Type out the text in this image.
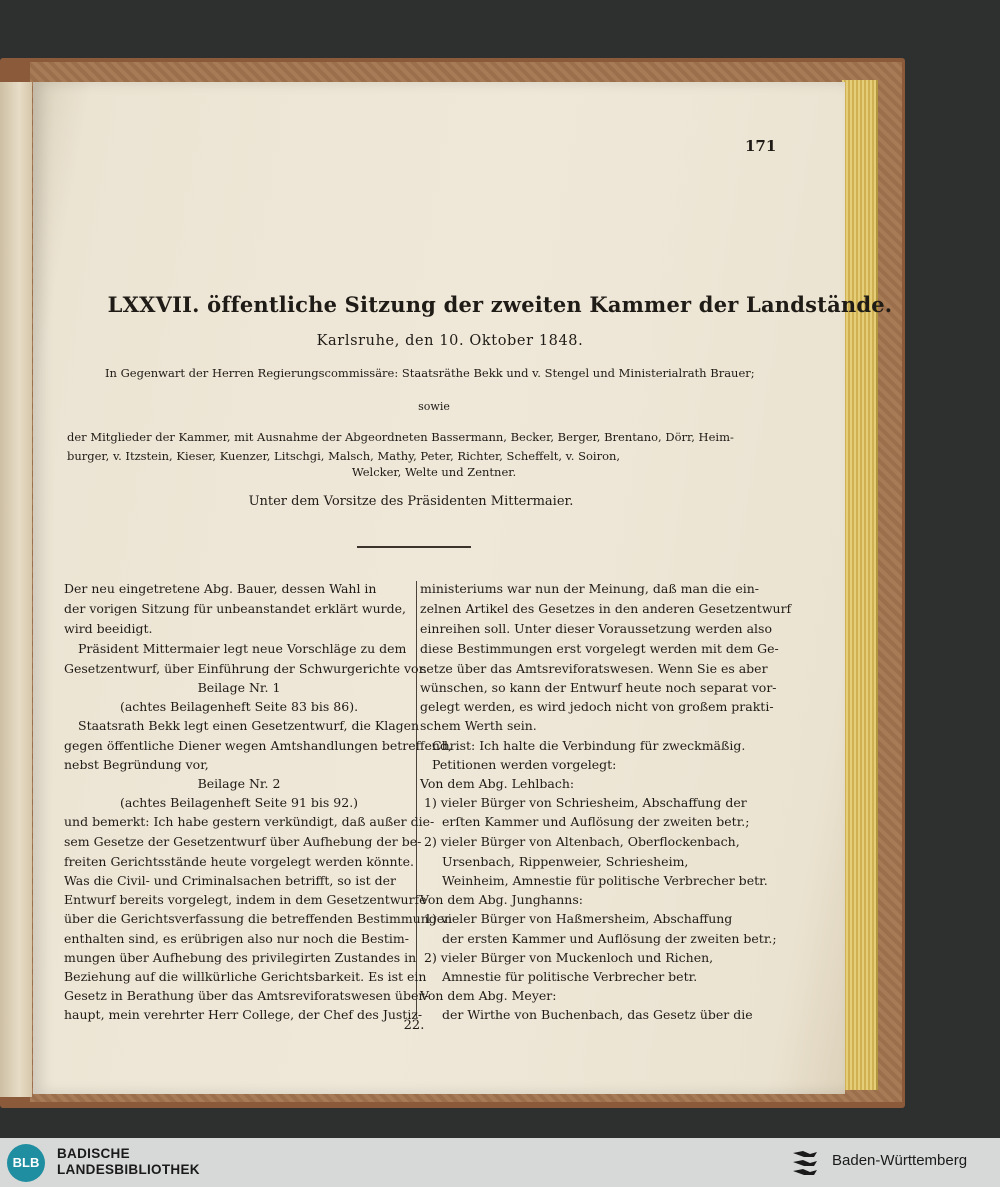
171
LXXVII. öffentliche Sitzung der zweiten Kammer der Landstände.
Karlsruhe, den 10. Oktober 1848.
In Gegenwart der Herren Regierungscommissäre: Staatsräthe Bekk und v. Stengel und Ministerialrath Brauer;
sowie
der Mitglieder der Kammer, mit Ausnahme der Abgeordneten Bassermann, Becker, Berger, Brentano, Dörr, Heim-
burger, v. Itzstein, Kieser, Kuenzer, Litschgi, Malsch, Mathy, Peter, Richter, Scheffelt, v. Soiron,
Welcker, Welte und Zentner.
Unter dem Vorsitze des Präsidenten Mittermaier.
Der neu eingetretene Abg. Bauer, dessen Wahl in
der vorigen Sitzung für unbeanstandet erklärt wurde,
wird beeidigt.
Präsident Mittermaier legt neue Vorschläge zu dem
Gesetzentwurf, über Einführung der Schwurgerichte vor.
Beilage Nr. 1
(achtes Beilagenheft Seite 83 bis 86).
Staatsrath Bekk legt einen Gesetzentwurf, die Klagen
gegen öffentliche Diener wegen Amtshandlungen betreffend,
nebst Begründung vor,
Beilage Nr. 2
(achtes Beilagenheft Seite 91 bis 92.)
und bemerkt: Ich habe gestern verkündigt, daß außer die-
sem Gesetze der Gesetzentwurf über Aufhebung der be-
freiten Gerichtsstände heute vorgelegt werden könnte.
Was die Civil- und Criminalsachen betrifft, so ist der
Entwurf bereits vorgelegt, indem in dem Gesetzentwurfe
über die Gerichtsverfassung die betreffenden Bestimmungen
enthalten sind, es erübrigen also nur noch die Bestim-
mungen über Aufhebung des privilegirten Zustandes in
Beziehung auf die willkürliche Gerichtsbarkeit. Es ist ein
Gesetz in Berathung über das Amtsreviforatswesen über-
haupt, mein verehrter Herr College, der Chef des Justiz-
ministeriums war nun der Meinung, daß man die ein-
zelnen Artikel des Gesetzes in den anderen Gesetzentwurf
einreihen soll. Unter dieser Voraussetzung werden also
diese Bestimmungen erst vorgelegt werden mit dem Ge-
setze über das Amtsreviforatswesen. Wenn Sie es aber
wünschen, so kann der Entwurf heute noch separat vor-
gelegt werden, es wird jedoch nicht von großem prakti-
schem Werth sein.
Christ: Ich halte die Verbindung für zweckmäßig.
Petitionen werden vorgelegt:
Von dem Abg. Lehlbach:
1) vieler Bürger von Schriesheim, Abschaffung der
erſten Kammer und Auflösung der zweiten betr.;
2) vieler Bürger von Altenbach, Oberflockenbach,
Ursenbach, Rippenweier, Schriesheim,
Weinheim, Amnestie für politische Verbrecher betr.
Von dem Abg. Junghanns:
1) vieler Bürger von Haßmersheim, Abschaffung
der ersten Kammer und Auflösung der zweiten betr.;
2) vieler Bürger von Muckenloch und Richen,
Amnestie für politische Verbrecher betr.
Von dem Abg. Meyer:
der Wirthe von Buchenbach, das Gesetz über die
22.
BLB
BADISCHE
LANDESBIBLIOTHEK
Baden-Württemberg
